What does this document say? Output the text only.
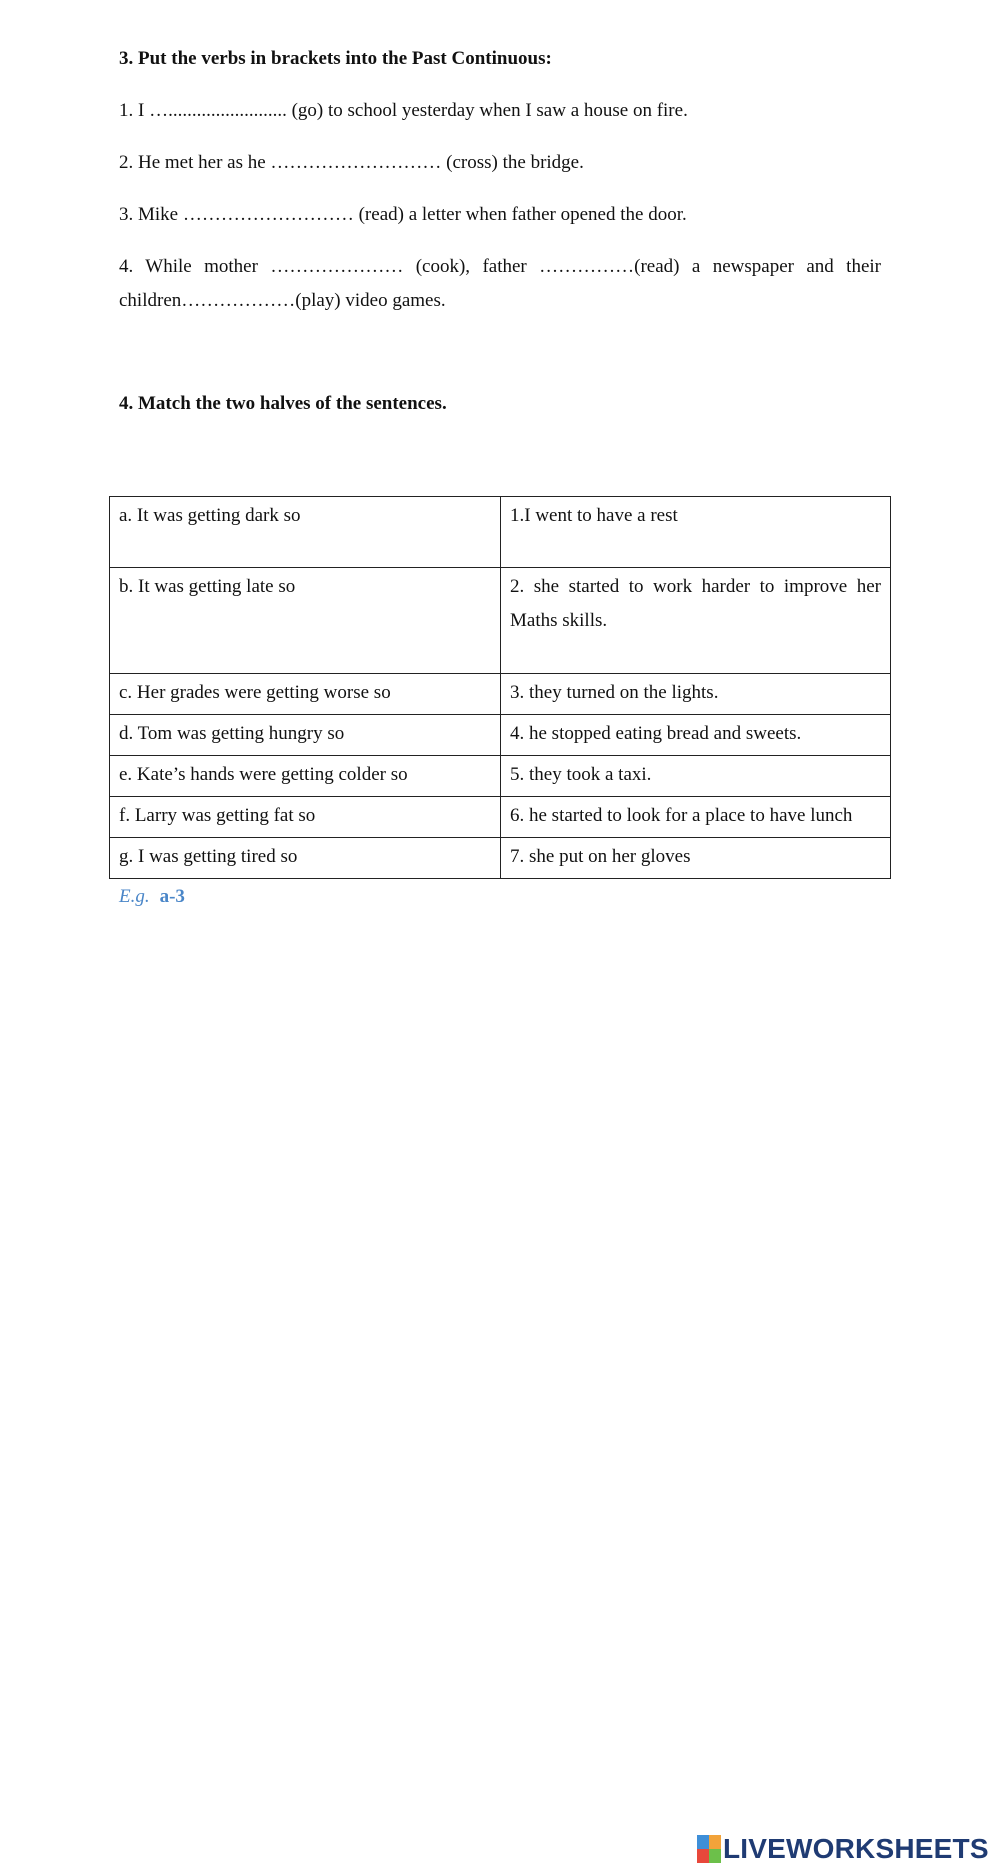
3. Put the verbs in brackets into the Past Continuous:
1. I …......................... (go) to school yesterday when I saw a house on fire.
2. He met her as he ……………………… (cross) the bridge.
3. Mike ……………………… (read) a letter when father opened the door.
4. While mother ………………… (cook), father ……………(read) a newspaper and their
children………………(play) video games.
4. Match the two halves of the sentences.
a. It was getting dark so	1.I went to have a rest
b. It was getting late so	2. she started to work harder to improve her Maths skills.
c. Her grades were getting worse so	3. they turned on the lights.
d. Tom was getting hungry so	4. he stopped eating bread and sweets.
e. Kate’s hands were getting colder so	5. they took a taxi.
f. Larry was getting fat so	6. he started to look for a place to have lunch
g. I was getting tired so	7. she put on her gloves
E.g. a-3
LIVEWORKSHEETS
